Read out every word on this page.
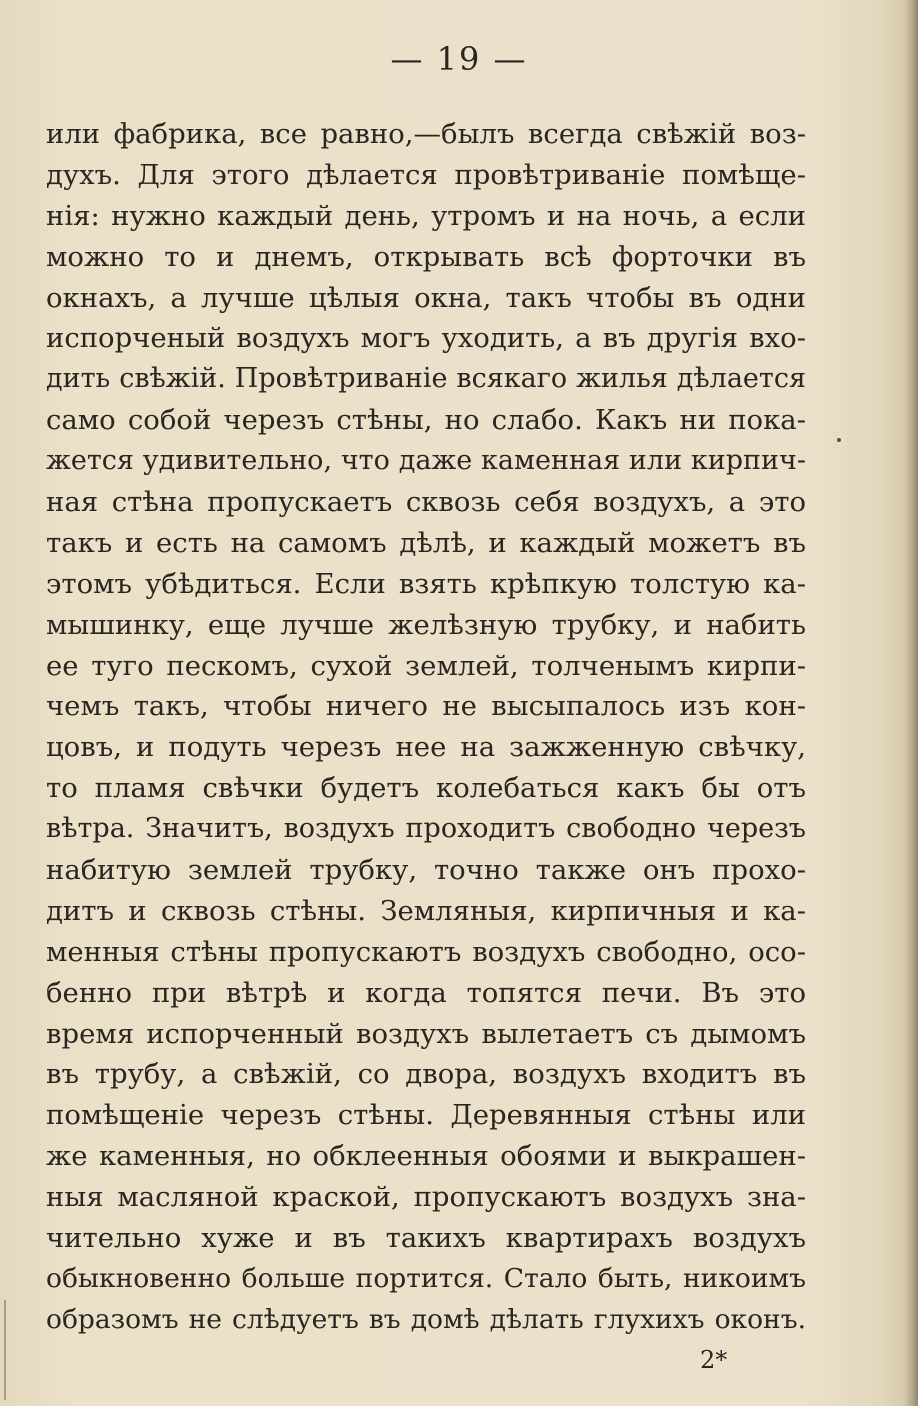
— 19 —
или фабрика, все равно,—былъ всегда свѣжій воз-
духъ. Для этого дѣлается провѣтриваніе помѣще-
нія: нужно каждый день, утромъ и на ночь, а если
можно то и днемъ, открывать всѣ форточки въ
окнахъ, а лучше цѣлыя окна, такъ чтобы въ одни
испорченый воздухъ могъ уходить, а въ другія вхо-
дить свѣжій. Провѣтриваніе всякаго жилья дѣлается
само собой черезъ стѣны, но слабо. Какъ ни пока-
жется удивительно, что даже каменная или кирпич-
ная стѣна пропускаетъ сквозь себя воздухъ, а это
такъ и есть на самомъ дѣлѣ, и каждый можетъ въ
этомъ убѣдиться. Если взять крѣпкую толстую ка-
мышинку, еще лучше желѣзную трубку, и набить
ее туго пескомъ, сухой землей, толченымъ кирпи-
чемъ такъ, чтобы ничего не высыпалось изъ кон-
цовъ, и подуть черезъ нее на зажженную свѣчку,
то пламя свѣчки будетъ колебаться какъ бы отъ
вѣтра. Значитъ, воздухъ проходитъ свободно черезъ
набитую землей трубку, точно также онъ прохо-
дитъ и сквозь стѣны. Земляныя, кирпичныя и ка-
менныя стѣны пропускаютъ воздухъ свободно, осо-
бенно при вѣтрѣ и когда топятся печи. Въ это
время испорченный воздухъ вылетаетъ съ дымомъ
въ трубу, а свѣжій, со двора, воздухъ входитъ въ
помѣщеніе черезъ стѣны. Деревянныя стѣны или
же каменныя, но обклеенныя обоями и выкрашен-
ныя масляной краской, пропускаютъ воздухъ зна-
чительно хуже и въ такихъ квартирахъ воздухъ
обыкновенно больше портится. Стало быть, никоимъ
образомъ не слѣдуетъ въ домѣ дѣлать глухихъ оконъ.
2*
